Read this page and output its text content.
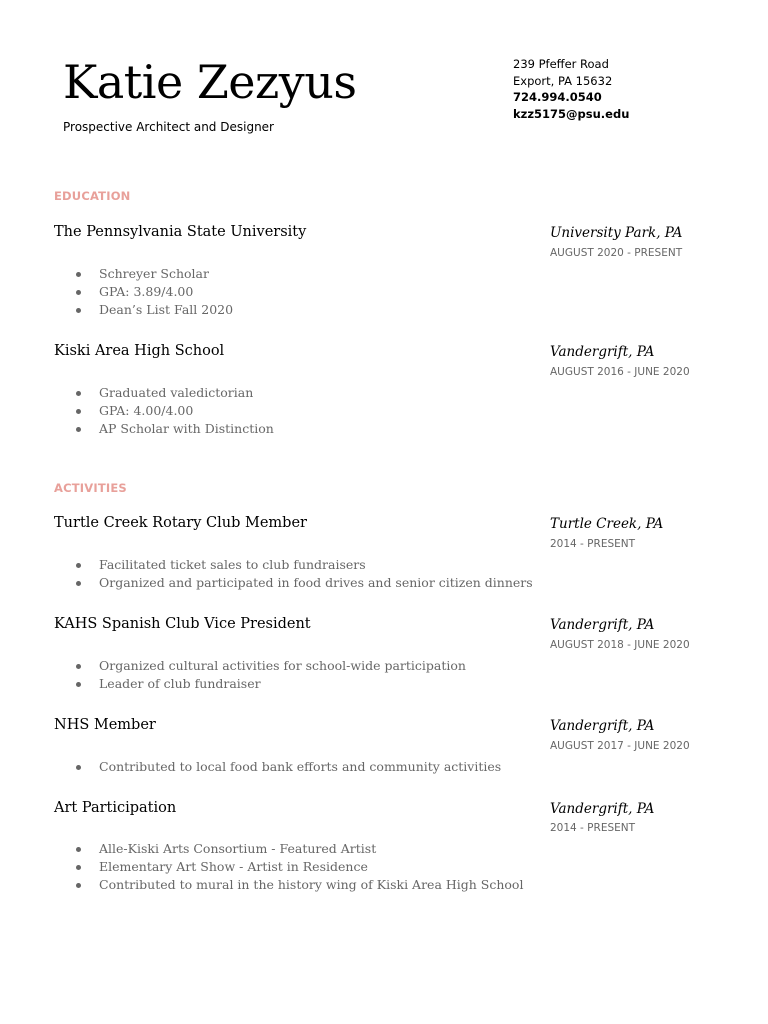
Katie Zezyus
Prospective Architect and Designer
239 Pfeffer Road
Export, PA 15632
724.994.0540
kzz5175@psu.edu
EDUCATION
The Pennsylvania State University	University Park, PA
AUGUST 2020 - PRESENT
Schreyer Scholar
GPA: 3.89/4.00
Dean’s List Fall 2020
Kiski Area High School	Vandergrift, PA
AUGUST 2016 - JUNE 2020
Graduated valedictorian
GPA: 4.00/4.00
AP Scholar with Distinction
ACTIVITIES
Turtle Creek Rotary Club Member	Turtle Creek, PA
2014 - PRESENT
Facilitated ticket sales to club fundraisers
Organized and participated in food drives and senior citizen dinners
KAHS Spanish Club Vice President	Vandergrift, PA
AUGUST 2018 - JUNE 2020
Organized cultural activities for school-wide participation
Leader of club fundraiser
NHS Member	Vandergrift, PA
AUGUST 2017 - JUNE 2020
Contributed to local food bank efforts and community activities
Art Participation	Vandergrift, PA
2014 - PRESENT
Alle-Kiski Arts Consortium - Featured Artist
Elementary Art Show - Artist in Residence
Contributed to mural in the history wing of Kiski Area High School
